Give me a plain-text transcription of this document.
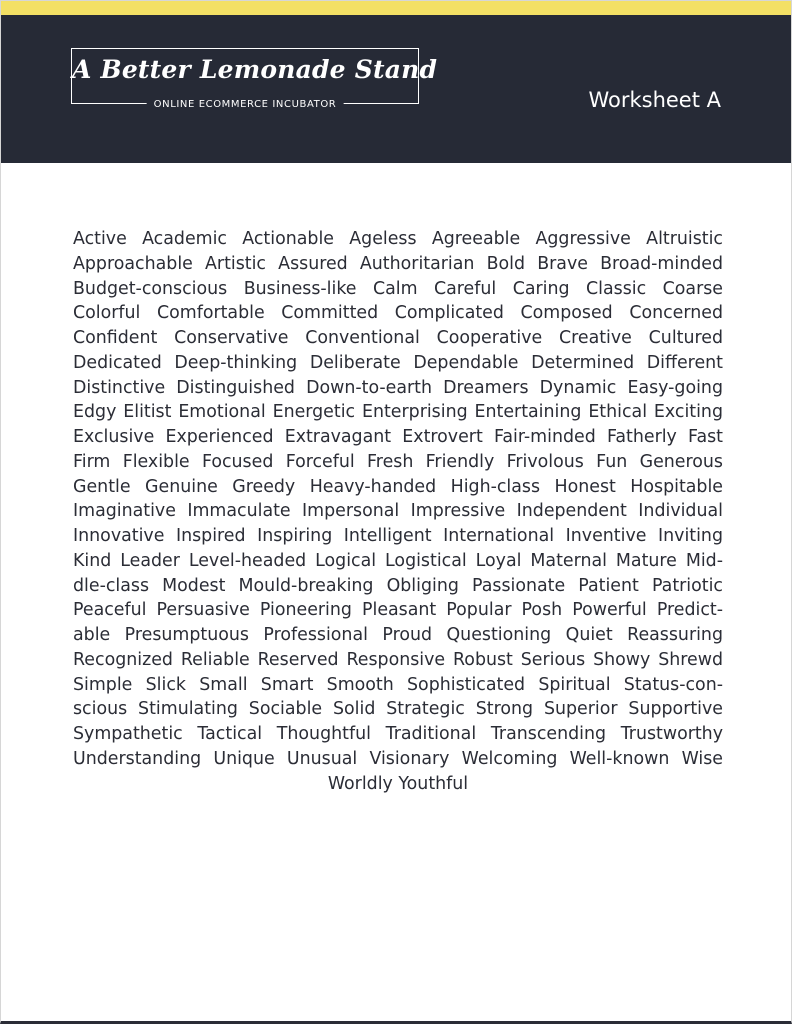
A Better Lemonade Stand
ONLINE ECOMMERCE INCUBATOR	Worksheet A
Active Academic Actionable Ageless Agreeable Aggressive Altruistic
Approachable Artistic Assured Authoritarian Bold Brave Broad-minded
Budget-conscious Business-like Calm Careful Caring Classic Coarse
Colorful Comfortable Committed Complicated Composed Concerned
Confident Conservative Conventional Cooperative Creative Cultured
Dedicated Deep-thinking Deliberate Dependable Determined Different
Distinctive Distinguished Down-to-earth Dreamers Dynamic Easy-going
Edgy Elitist Emotional Energetic Enterprising Entertaining Ethical Exciting
Exclusive Experienced Extravagant Extrovert Fair-minded Fatherly Fast
Firm Flexible Focused Forceful Fresh Friendly Frivolous Fun Generous
Gentle Genuine Greedy Heavy-handed High-class Honest Hospitable
Imaginative Immaculate Impersonal Impressive Independent Individual
Innovative Inspired Inspiring Intelligent International Inventive Inviting
Kind Leader Level-headed Logical Logistical Loyal Maternal Mature Mid-
dle-class Modest Mould-breaking Obliging Passionate Patient Patriotic
Peaceful Persuasive Pioneering Pleasant Popular Posh Powerful Predict-
able Presumptuous Professional Proud Questioning Quiet Reassuring
Recognized Reliable Reserved Responsive Robust Serious Showy Shrewd
Simple Slick Small Smart Smooth Sophisticated Spiritual Status-con-
scious Stimulating Sociable Solid Strategic Strong Superior Supportive
Sympathetic Tactical Thoughtful Traditional Transcending Trustworthy
Understanding Unique Unusual Visionary Welcoming Well-known Wise
Worldly Youthful
